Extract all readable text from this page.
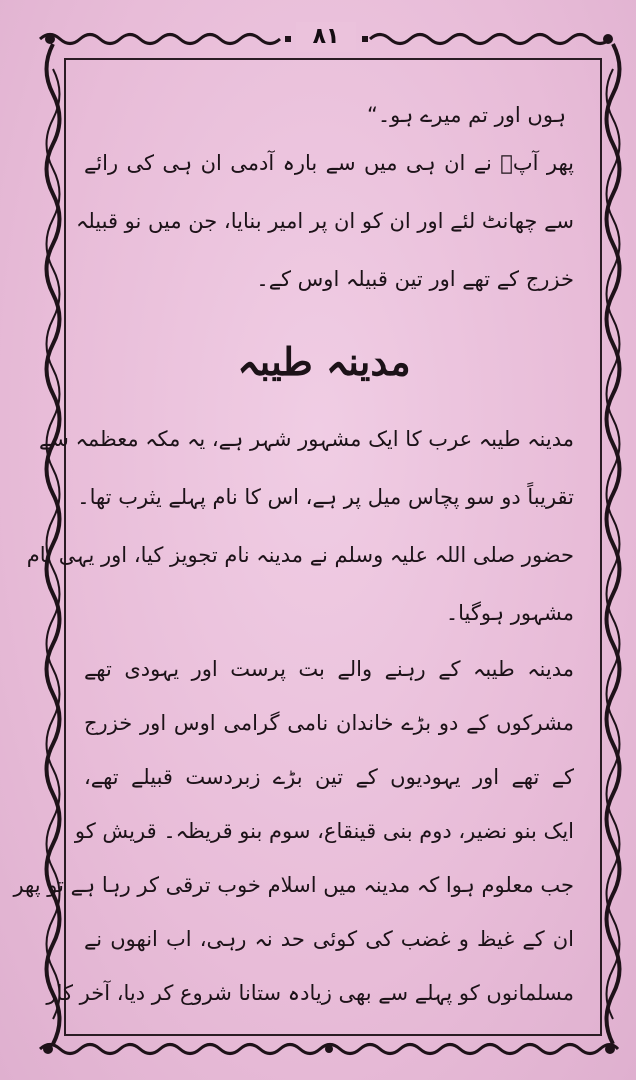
۸۱
ہوں اور تم میرے ہو۔“
پھر آپؐ نے ان ہی میں سے بارہ آدمی ان ہی کی رائے
سے چھانٹ لئے اور ان کو ان پر امیر بنایا، جن میں نو قبیلہ
خزرج کے تھے اور تین قبیلہ اوس کے۔
مدینہ طیبہ
مدینہ طیبہ عرب کا ایک مشہور شہر ہے، یہ مکہ معظمہ سے
تقریباً دو سو پچاس میل پر ہے، اس کا نام پہلے یثرب تھا۔
حضور صلی اللہ علیہ وسلم نے مدینہ نام تجویز کیا، اور یہی نام
مشہور ہوگیا۔
مدینہ طیبہ کے رہنے والے بت پرست اور یہودی تھے
مشرکوں کے دو بڑے خاندان نامی گرامی اوس اور خزرج
کے تھے اور یہودیوں کے تین بڑے زبردست قبیلے تھے،
ایک بنو نضیر، دوم بنی قینقاع، سوم بنو قریظہ۔ قریش کو
جب معلوم ہوا کہ مدینہ میں اسلام خوب ترقی کر رہا ہے تو پھر
ان کے غیظ و غضب کی کوئی حد نہ رہی، اب انھوں نے
مسلمانوں کو پہلے سے بھی زیادہ ستانا شروع کر دیا، آخر کار
